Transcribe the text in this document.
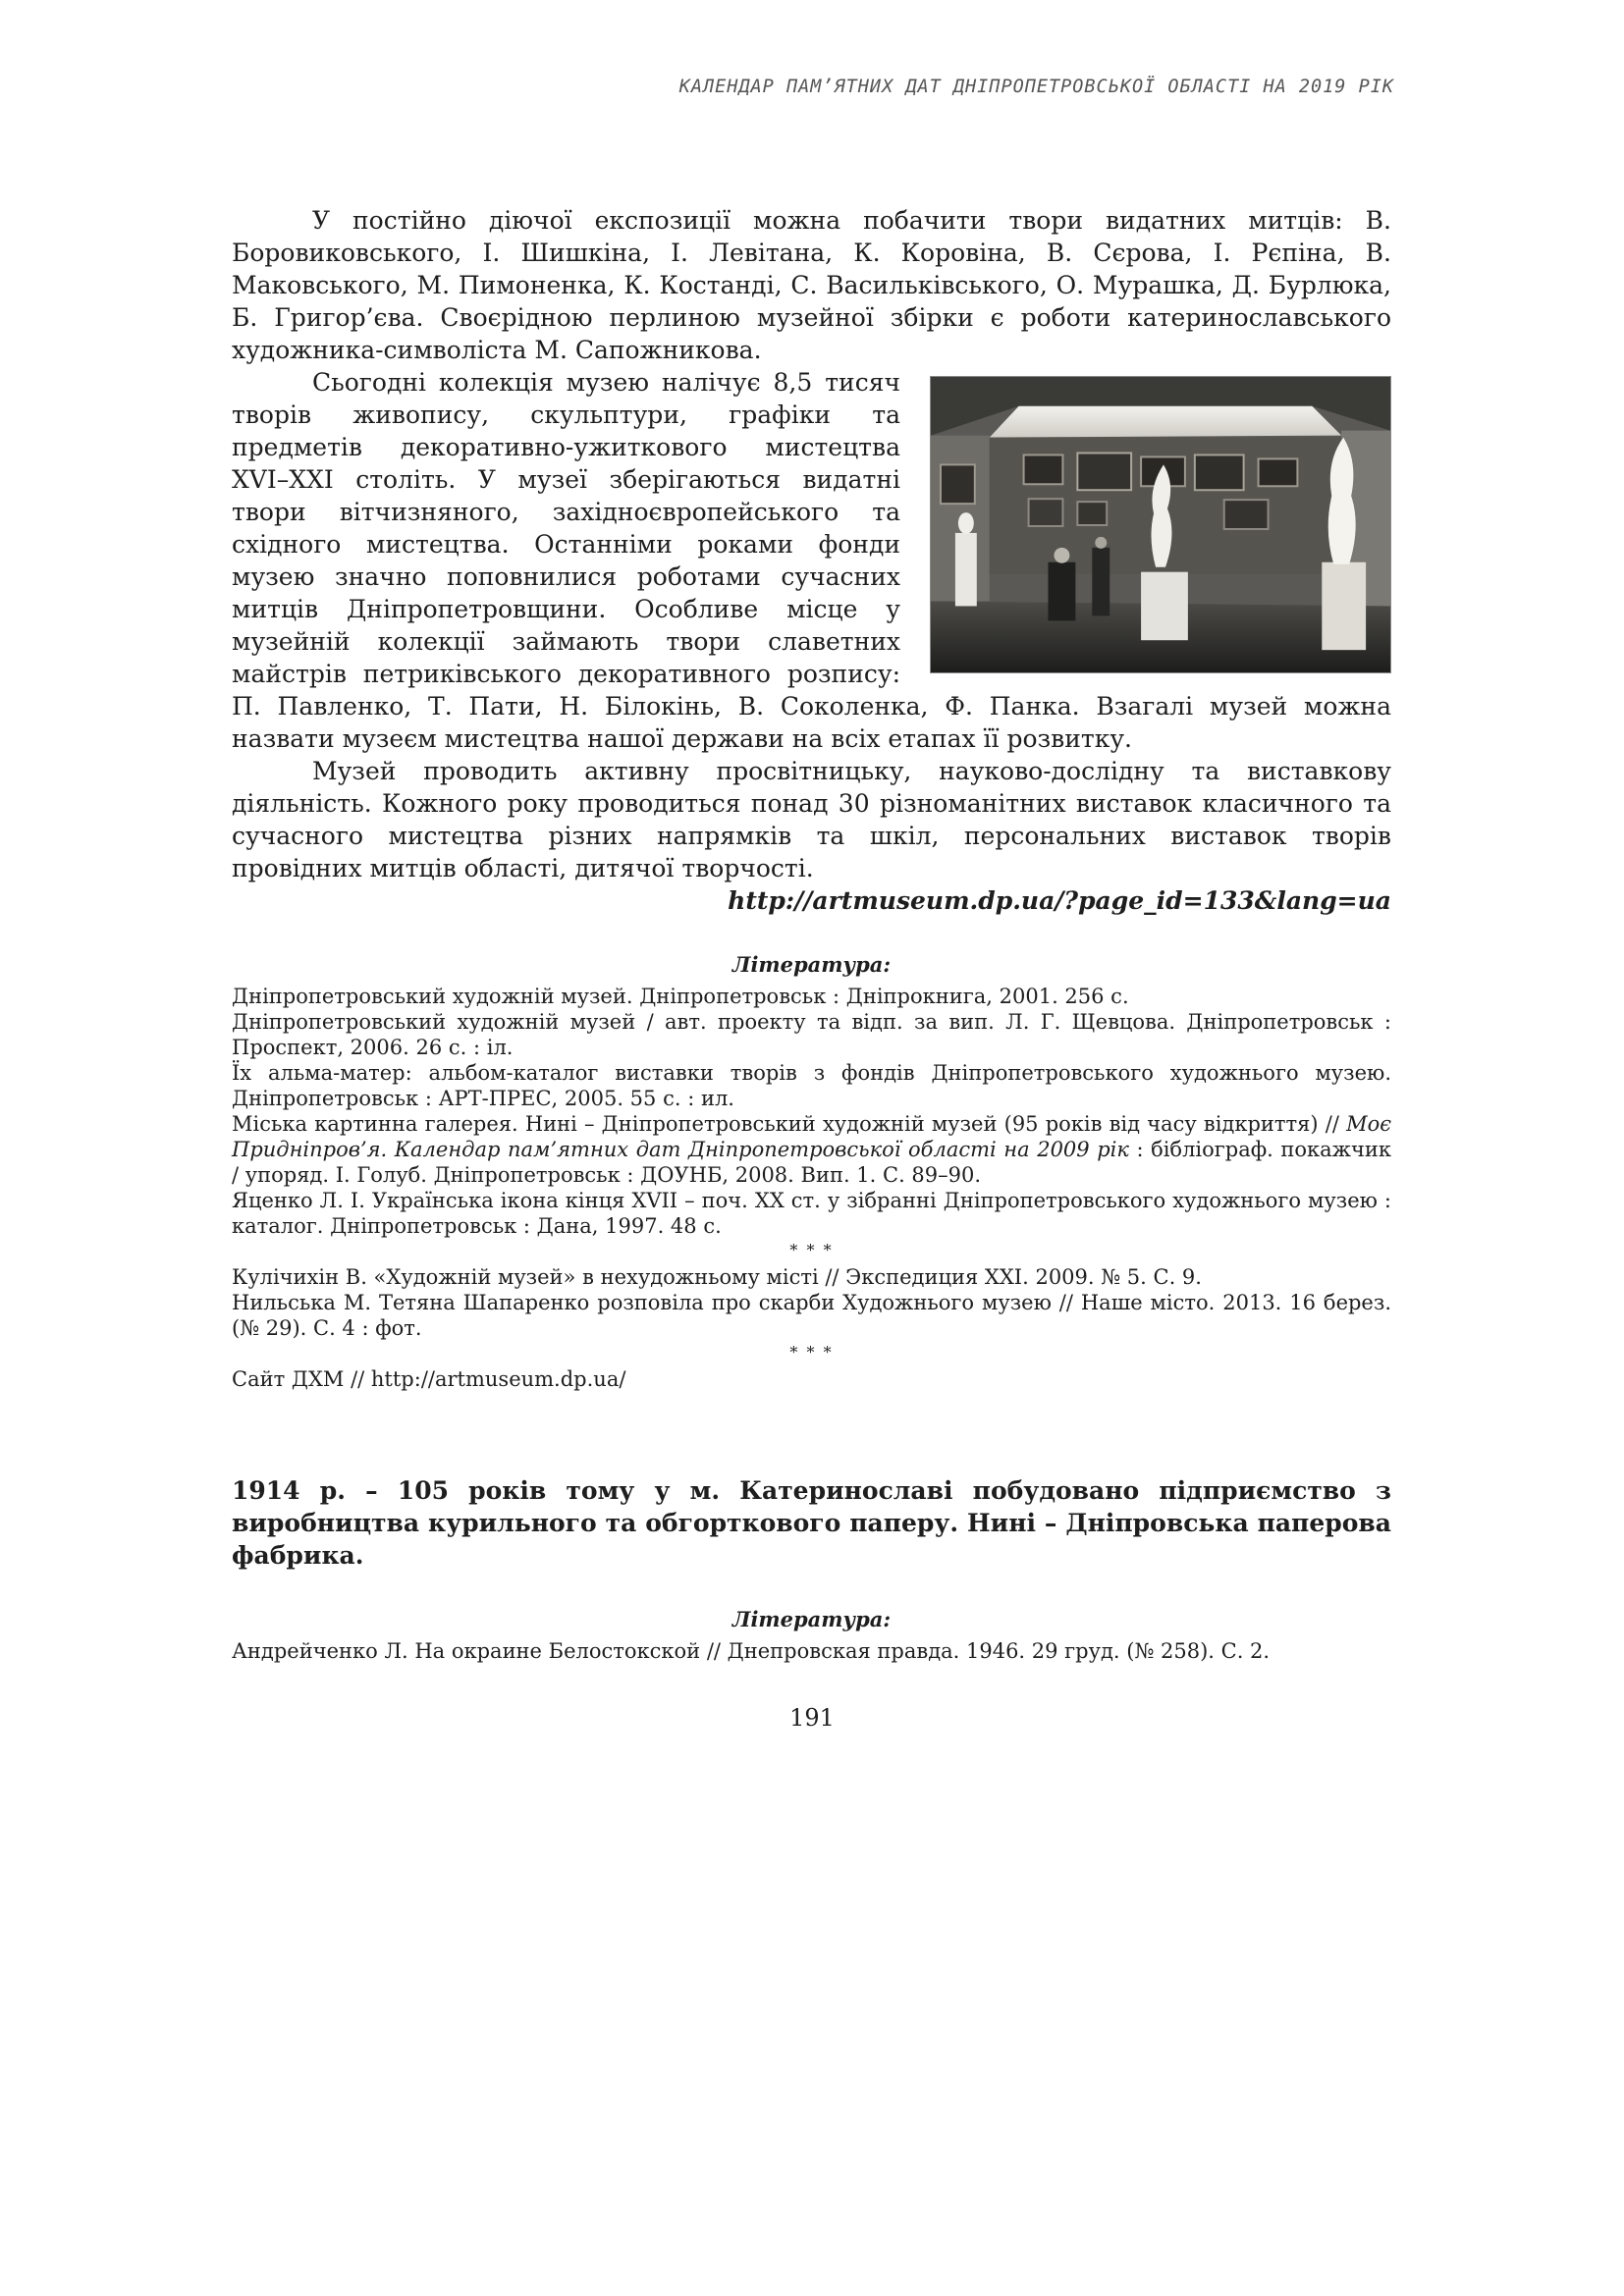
КАЛЕНДАР ПАМ’ЯТНИХ ДАТ ДНІПРОПЕТРОВСЬКОЇ ОБЛАСТІ НА 2019 РІК

У постійно діючої експозиції можна побачити твори видатних митців: В. Боровиковського, І. Шишкіна, І. Левітана, К. Коровіна, В. Сєрова, І. Рєпіна, В. Маковського, М. Пимоненка, К. Костанді, С. Васильківського, О. Мурашка, Д. Бурлюка, Б. Григор’єва. Своєрідною перлиною музейної збірки є роботи катеринославського художника-символіста М. Сапожникова.

Сьогодні колекція музею налічує 8,5 тисяч творів живопису, скульптури, графіки та предметів декоративно-ужиткового мистецтва XVI–XXI століть. У музеї зберігаються видатні твори вітчизняного, західноєвропейського та східного мистецтва. Останніми роками фонди музею значно поповнилися роботами сучасних митців Дніпропетровщини. Особливе місце у музейній колекції займають твори славетних майстрів петриківського декоративного розпису: П. Павленко, Т. Пати, Н. Білокінь, В. Соколенка, Ф. Панка. Взагалі музей можна назвати музеєм мистецтва нашої держави на всіх етапах її розвитку.

Музей проводить активну просвітницьку, науково-дослідну та виставкову діяльність. Кожного року проводиться понад 30 різноманітних виставок класичного та сучасного мистецтва різних напрямків та шкіл, персональних виставок творів провідних митців області, дитячої творчості.

http://artmuseum.dp.ua/?page_id=133&lang=ua

Література:

Дніпропетровський художній музей. Дніпропетровськ : Дніпрокнига, 2001. 256 с.

Дніпропетровський художній музей / авт. проекту та відп. за вип. Л. Г. Щевцова. Дніпропетровськ : Проспект, 2006. 26 с. : іл.

Їх альма-матер: альбом-каталог виставки творів з фондів Дніпропетровського художнього музею. Дніпропетровськ : АРТ-ПРЕС, 2005. 55 с. : ил.

Міська картинна галерея. Нині – Дніпропетровський художній музей (95 років від часу відкриття) // Моє Придніпров’я. Календар пам’ятних дат Дніпропетровської області на 2009 рік : бібліограф. покажчик / упоряд. І. Голуб. Дніпропетровськ : ДОУНБ, 2008. Вип. 1. С. 89–90.

Яценко Л. І. Українська ікона кінця XVII – поч. XX ст. у зібранні Дніпропетровського художнього музею : каталог. Дніпропетровськ : Дана, 1997. 48 с.

* * *

Кулічихін В. «Художній музей» в нехудожньому місті // Экспедиция XXI. 2009. № 5. С. 9.

Нильська М. Тетяна Шапаренко розповіла про скарби Художнього музею // Наше місто. 2013. 16 берез. (№ 29). С. 4 : фот.

* * *

Сайт ДХМ // http://artmuseum.dp.ua/

1914 р. – 105 років тому у м. Катеринославі побудовано підприємство з виробництва курильного та обгорткового паперу. Нині – Дніпровська паперова фабрика.

Література:

Андрейченко Л. На окраине Белостокской // Днепровская правда. 1946. 29 груд. (№ 258). С. 2.

191
